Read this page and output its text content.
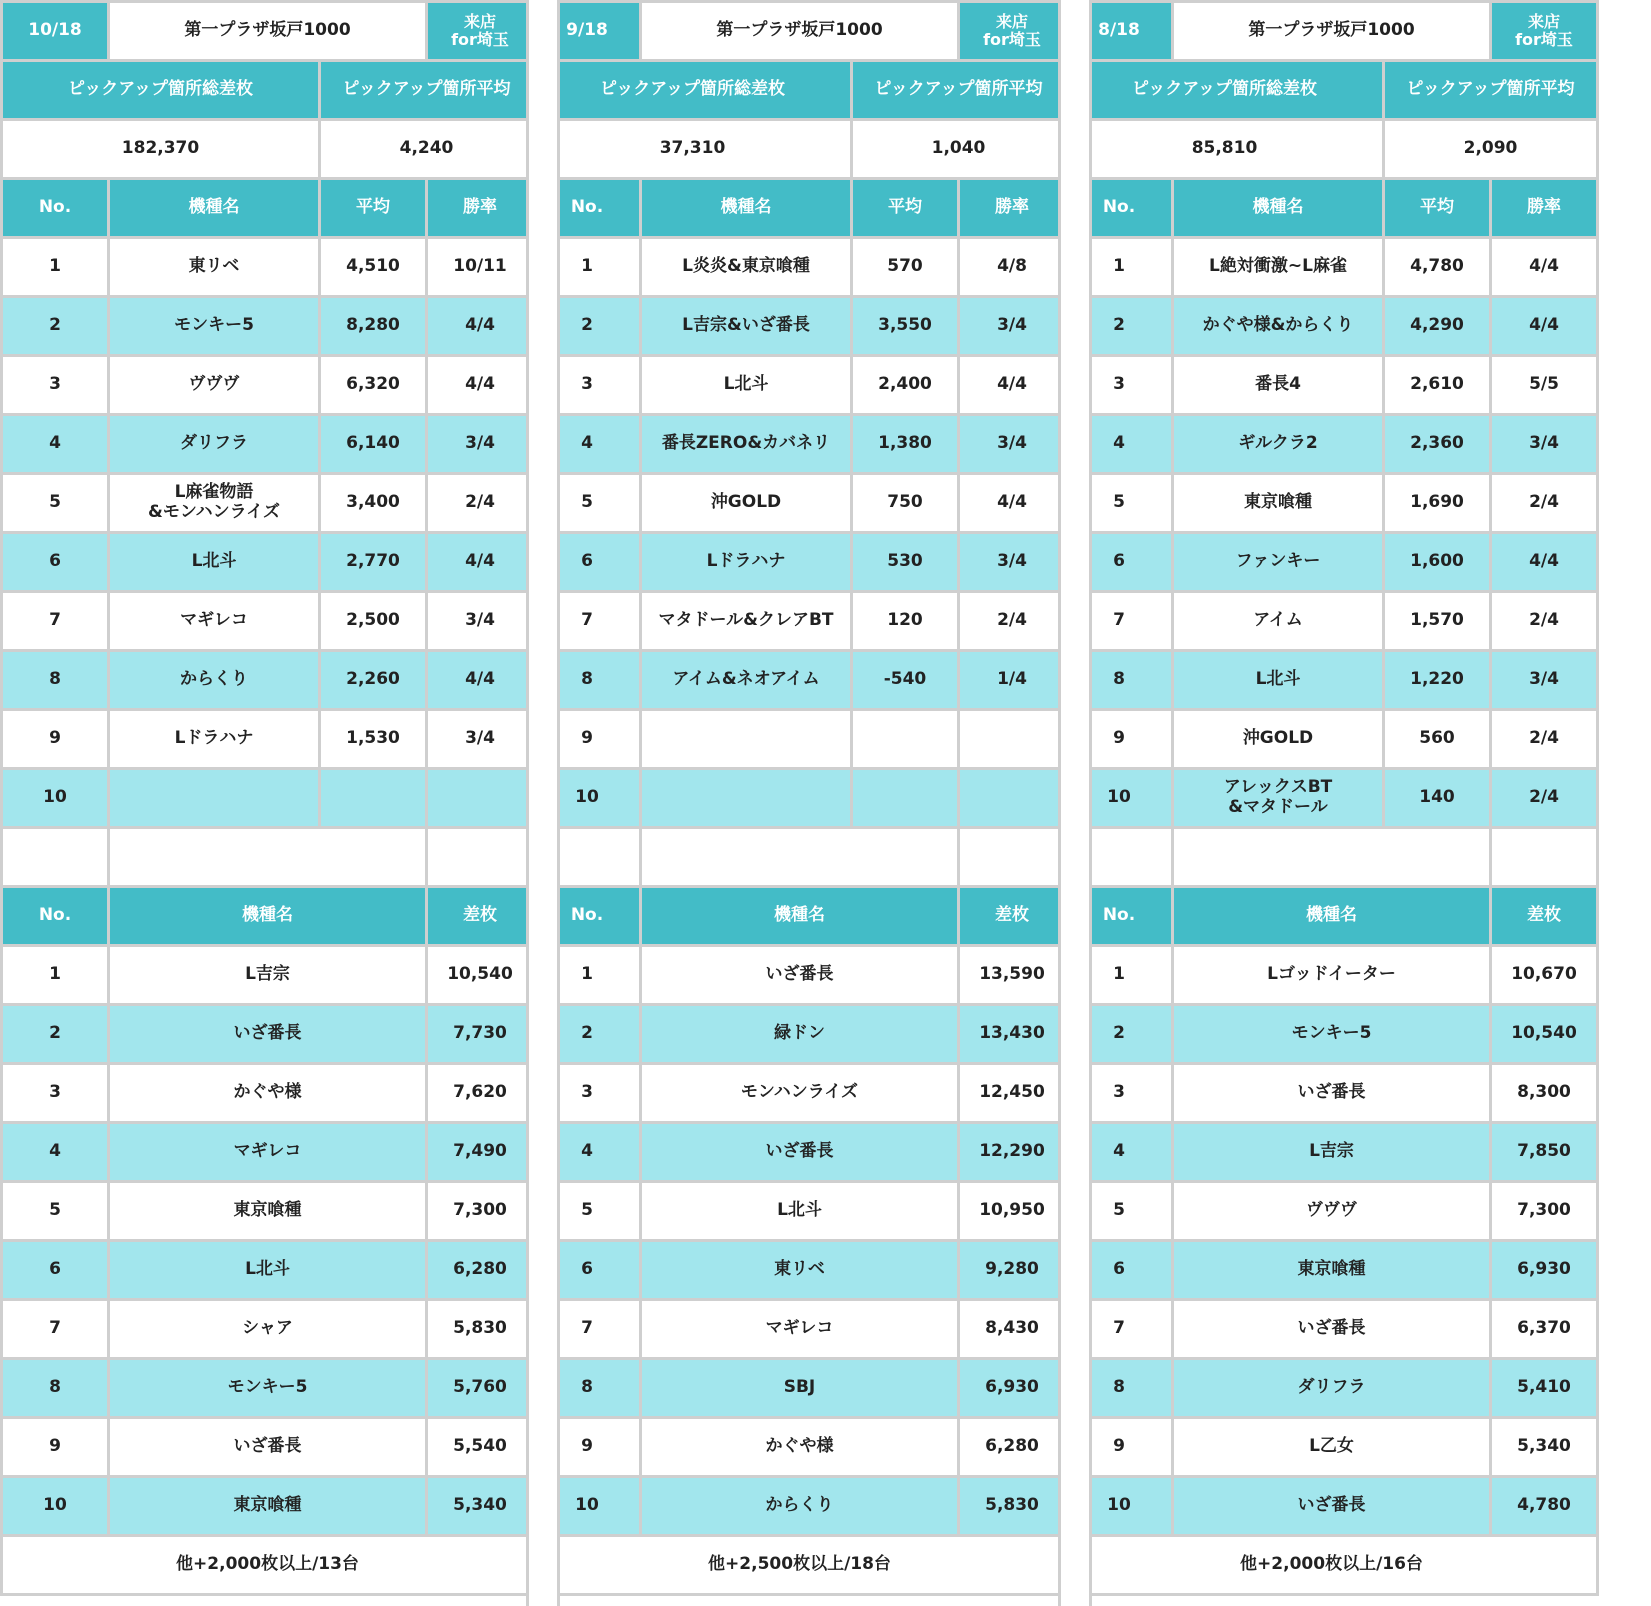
10/18	第一プラザ坂戸1000	来店
for埼玉
ピックアップ箇所総差枚	ピックアップ箇所平均
182,370	4,240
No.	機種名	平均	勝率
1	東リベ	4,510	10/11
2	モンキー5	8,280	4/4
3	ヴヴヴ	6,320	4/4
4	ダリフラ	6,140	3/4
5	L麻雀物語
&モンハンライズ	3,400	2/4
6	L北斗	2,770	4/4
7	マギレコ	2,500	3/4
8	からくり	2,260	4/4
9	Lドラハナ	1,530	3/4
10
No.	機種名	差枚
1	L吉宗	10,540
2	いざ番長	7,730
3	かぐや様	7,620
4	マギレコ	7,490
5	東京喰種	7,300
6	L北斗	6,280
7	シャア	5,830
8	モンキー5	5,760
9	いざ番長	5,540
10	東京喰種	5,340
他+2,000枚以上/13台
9/18	第一プラザ坂戸1000	来店
for埼玉
ピックアップ箇所総差枚	ピックアップ箇所平均
37,310	1,040
No.	機種名	平均	勝率
1	L炎炎&東京喰種	570	4/8
2	L吉宗&いざ番長	3,550	3/4
3	L北斗	2,400	4/4
4	番長ZERO&カバネリ	1,380	3/4
5	沖GOLD	750	4/4
6	Lドラハナ	530	3/4
7	マタドール&クレアBT	120	2/4
8	アイム&ネオアイム	-540	1/4
9
10
No.	機種名	差枚
1	いざ番長	13,590
2	緑ドン	13,430
3	モンハンライズ	12,450
4	いざ番長	12,290
5	L北斗	10,950
6	東リベ	9,280
7	マギレコ	8,430
8	SBJ	6,930
9	かぐや様	6,280
10	からくり	5,830
他+2,500枚以上/18台
8/18	第一プラザ坂戸1000	来店
for埼玉
ピックアップ箇所総差枚	ピックアップ箇所平均
85,810	2,090
No.	機種名	平均	勝率
1	L絶対衝激~L麻雀	4,780	4/4
2	かぐや様&からくり	4,290	4/4
3	番長4	2,610	5/5
4	ギルクラ2	2,360	3/4
5	東京喰種	1,690	2/4
6	ファンキー	1,600	4/4
7	アイム	1,570	2/4
8	L北斗	1,220	3/4
9	沖GOLD	560	2/4
10	アレックスBT
&マタドール	140	2/4
No.	機種名	差枚
1	Lゴッドイーター	10,670
2	モンキー5	10,540
3	いざ番長	8,300
4	L吉宗	7,850
5	ヴヴヴ	7,300
6	東京喰種	6,930
7	いざ番長	6,370
8	ダリフラ	5,410
9	L乙女	5,340
10	いざ番長	4,780
他+2,000枚以上/16台
